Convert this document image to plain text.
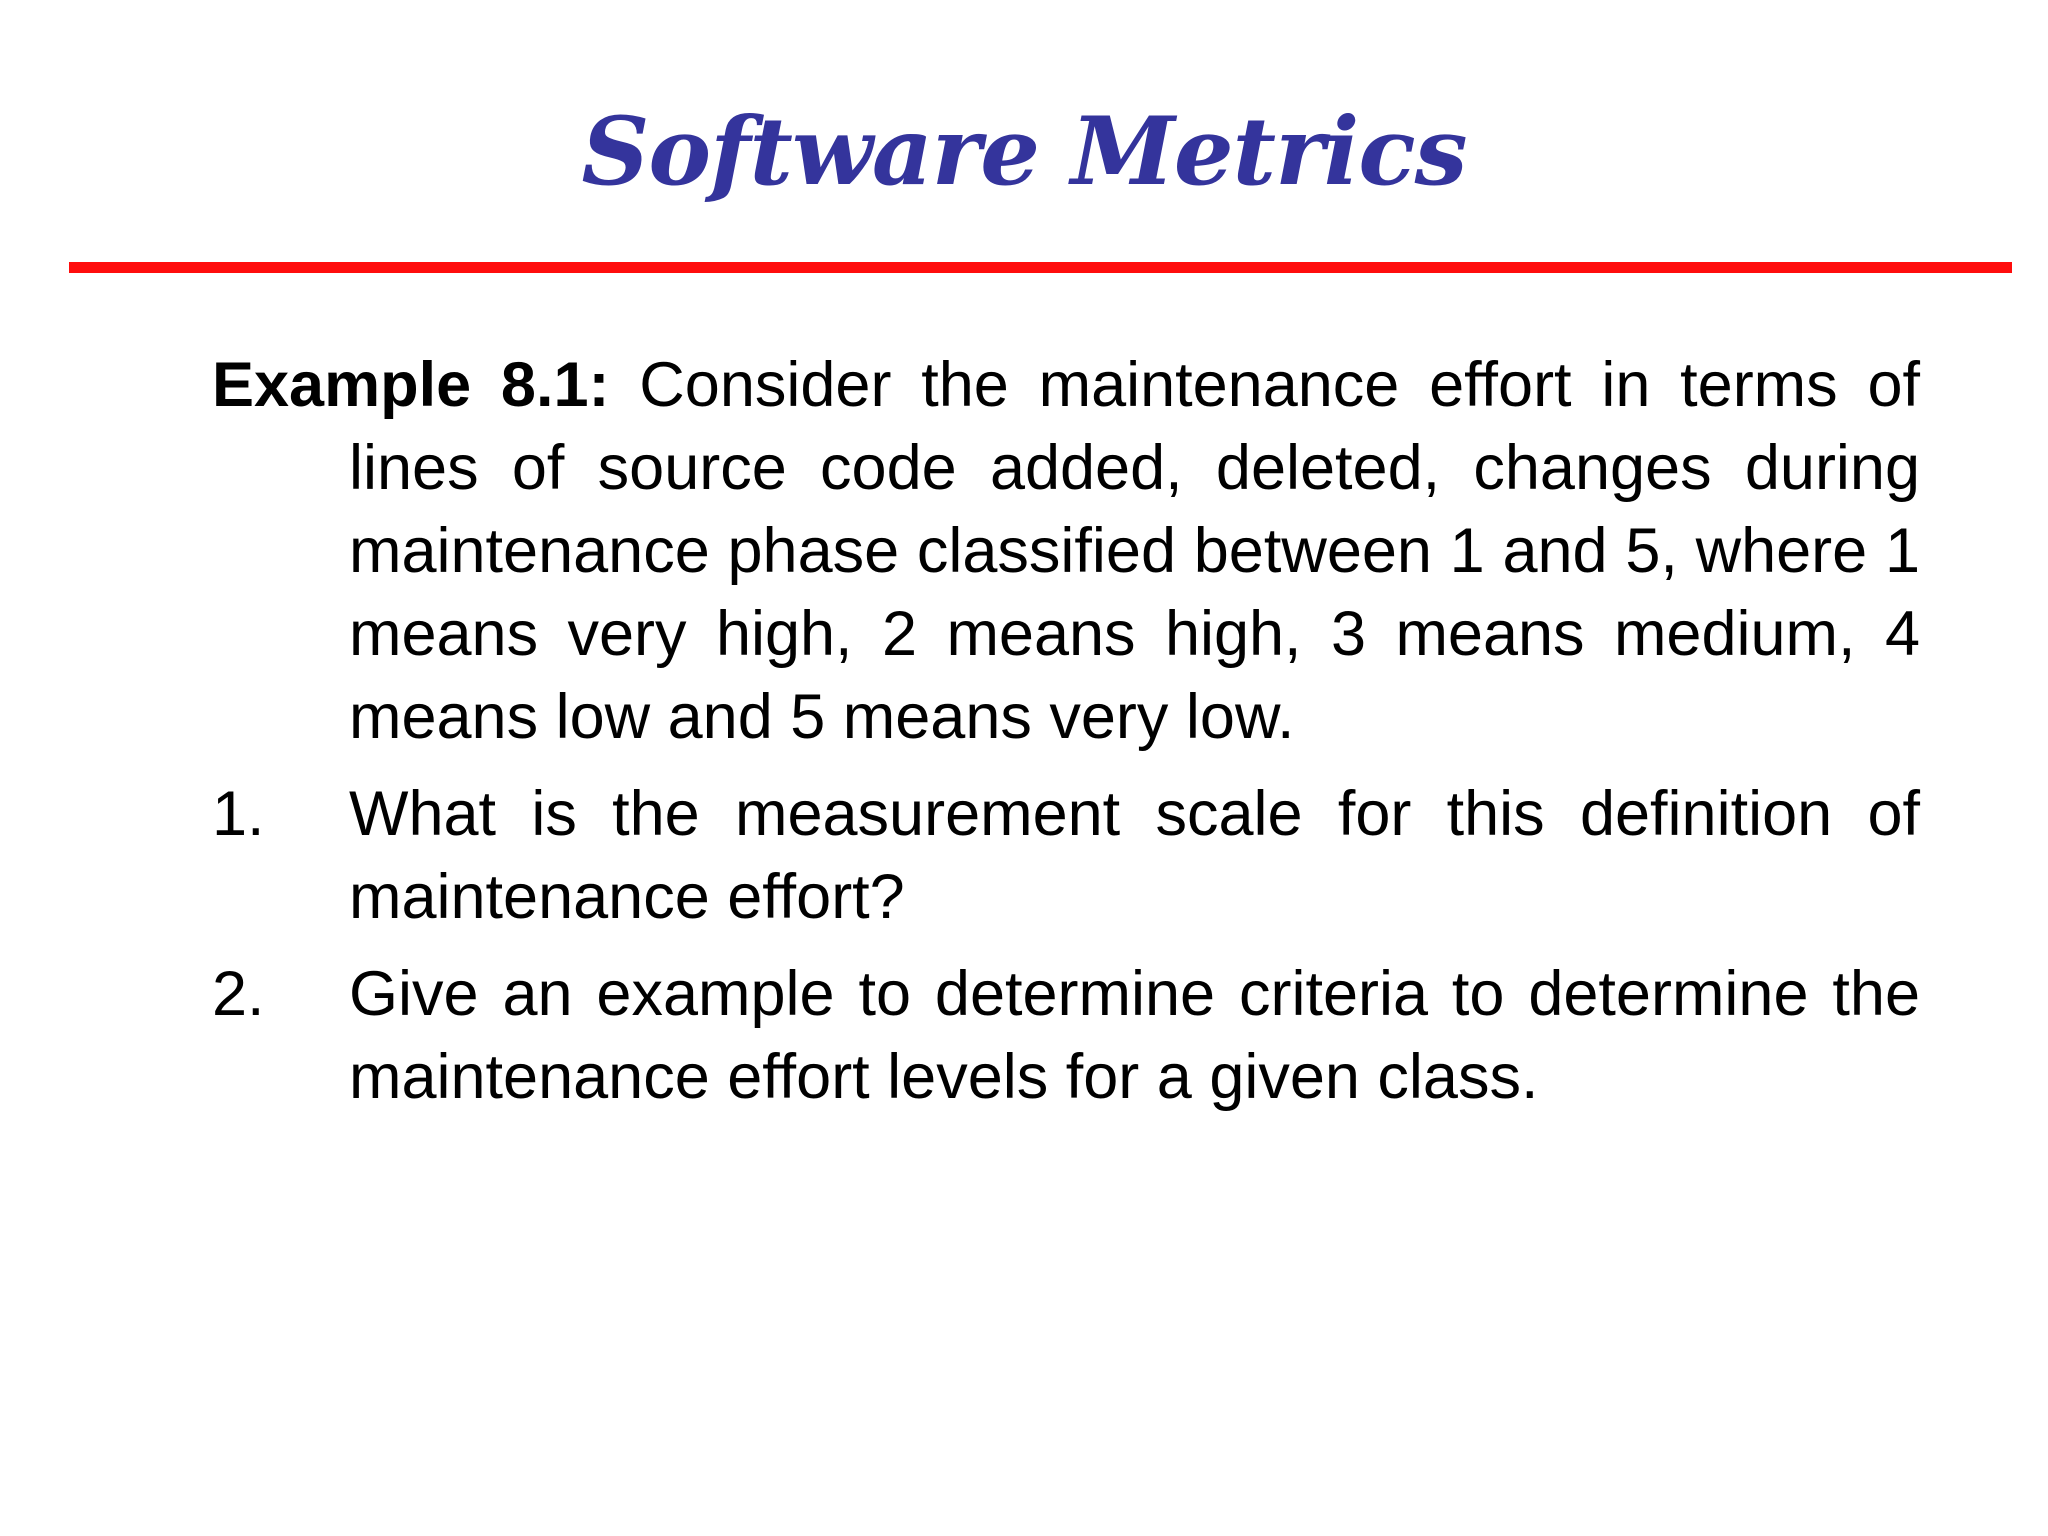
Software Metrics

Example 8.1: Consider the maintenance effort in terms of lines of source code added, deleted, changes during maintenance phase classified between 1 and 5, where 1 means very high, 2 means high, 3 means medium, 4 means low and 5 means very low.

1. What is the measurement scale for this definition of maintenance effort?
2. Give an example to determine criteria to determine the maintenance effort levels for a given class.
